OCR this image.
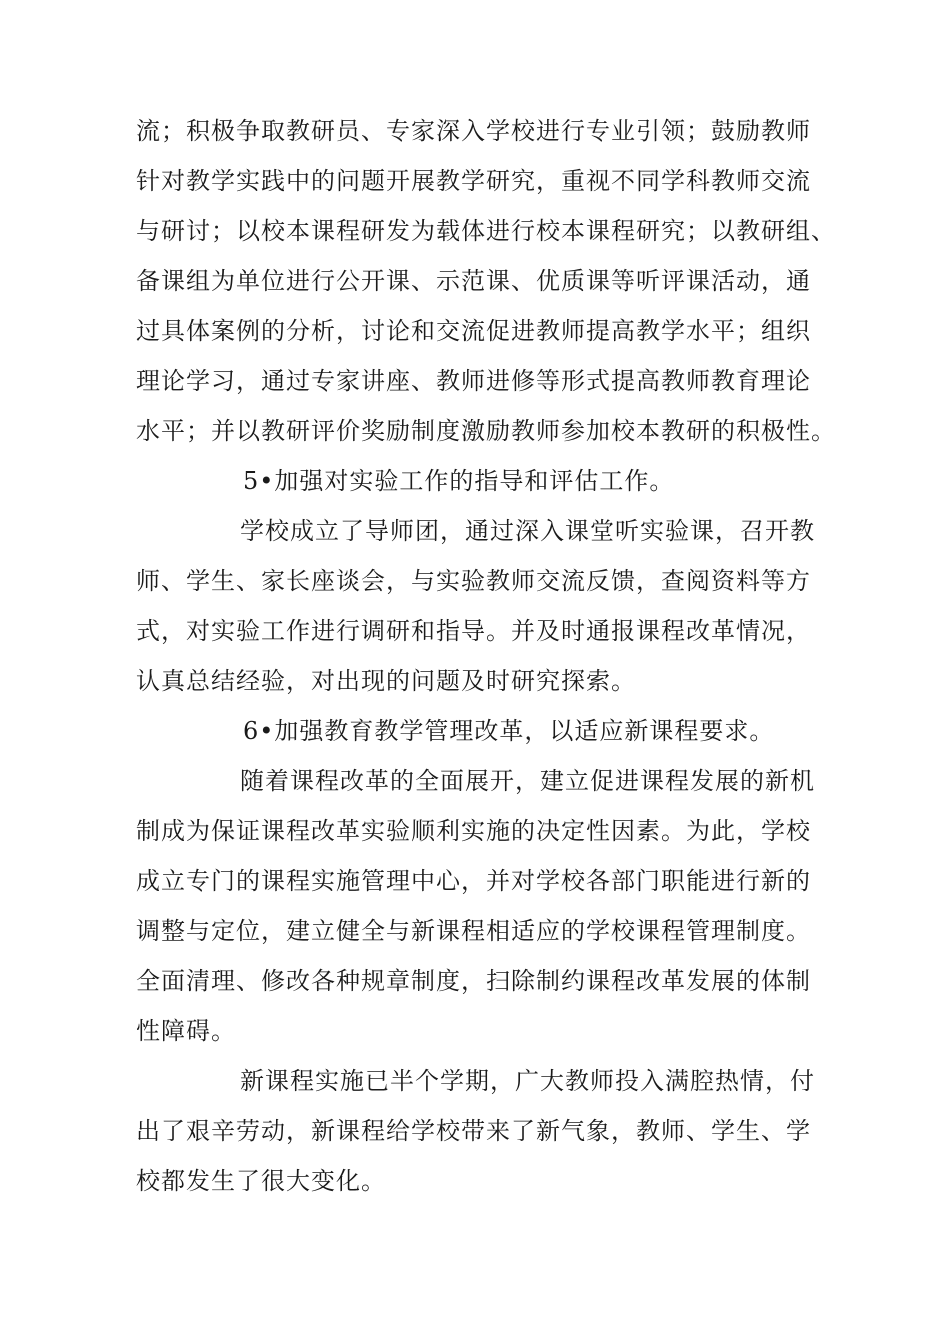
流；积极争取教研员、专家深入学校进行专业引领；鼓励教师
针对教学实践中的问题开展教学研究，重视不同学科教师交流
与研讨；以校本课程研发为载体进行校本课程研究；以教研组、
备课组为单位进行公开课、示范课、优质课等听评课活动，通
过具体案例的分析，讨论和交流促进教师提高教学水平；组织
理论学习，通过专家讲座、教师进修等形式提高教师教育理论
水平；并以教研评价奖励制度激励教师参加校本教研的积极性。
5•加强对实验工作的指导和评估工作。
学校成立了导师团，通过深入课堂听实验课，召开教
师、学生、家长座谈会，与实验教师交流反馈，查阅资料等方
式，对实验工作进行调研和指导。并及时通报课程改革情况，
认真总结经验，对出现的问题及时研究探索。
6•加强教育教学管理改革，以适应新课程要求。
随着课程改革的全面展开，建立促进课程发展的新机
制成为保证课程改革实验顺利实施的决定性因素。为此，学校
成立专门的课程实施管理中心，并对学校各部门职能进行新的
调整与定位，建立健全与新课程相适应的学校课程管理制度。
全面清理、修改各种规章制度，扫除制约课程改革发展的体制
性障碍。
新课程实施已半个学期，广大教师投入满腔热情，付
出了艰辛劳动，新课程给学校带来了新气象，教师、学生、学
校都发生了很大变化。
